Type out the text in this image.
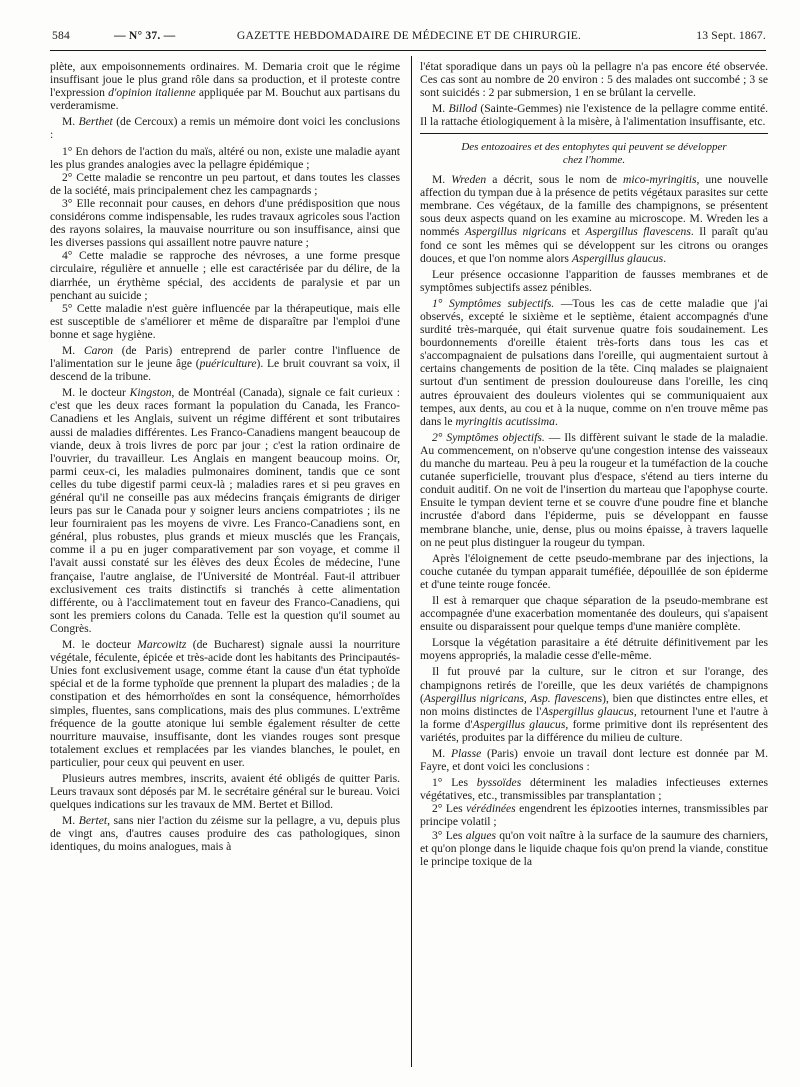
584	— N° 37. —	GAZETTE HEBDOMADAIRE DE MÉDECINE ET DE CHIRURGIE.	13 Sept. 1867.

plète, aux empoisonnements ordinaires. M. Demaria croit que le régime insuffisant joue le plus grand rôle dans sa production, et il proteste contre l'expression d'opinion italienne appliquée par M. Bouchut aux partisans du verderamisme.

M. Berthet (de Cercoux) a remis un mémoire dont voici les conclusions :

1° En dehors de l'action du maïs, altéré ou non, existe une maladie ayant les plus grandes analogies avec la pellagre épidémique ;

2° Cette maladie se rencontre un peu partout, et dans toutes les classes de la société, mais principalement chez les campagnards ;

3° Elle reconnait pour causes, en dehors d'une prédisposition que nous considérons comme indispensable, les rudes travaux agricoles sous l'action des rayons solaires, la mauvaise nourriture ou son insuffisance, ainsi que les diverses passions qui assaillent notre pauvre nature ;

4° Cette maladie se rapproche des névroses, a une forme presque circulaire, régulière et annuelle ; elle est caractérisée par du délire, de la diarrhée, un érythème spécial, des accidents de paralysie et par un penchant au suicide ;

5° Cette maladie n'est guère influencée par la thérapeutique, mais elle est susceptible de s'améliorer et même de disparaître par l'emploi d'une bonne et sage hygiène.

M. Caron (de Paris) entreprend de parler contre l'influence de l'alimentation sur le jeune âge (puériculture). Le bruit couvrant sa voix, il descend de la tribune.

M. le docteur Kingston, de Montréal (Canada), signale ce fait curieux : c'est que les deux races formant la population du Canada, les Franco-Canadiens et les Anglais, suivent un régime différent et sont tributaires aussi de maladies différentes. Les Franco-Canadiens mangent beaucoup de viande, deux à trois livres de porc par jour ; c'est la ration ordinaire de l'ouvrier, du travailleur. Les Anglais en mangent beaucoup moins. Or, parmi ceux-ci, les maladies pulmonaires dominent, tandis que ce sont celles du tube digestif parmi ceux-là ; maladies rares et si peu graves en général qu'il ne conseille pas aux médecins français émigrants de diriger leurs pas sur le Canada pour y soigner leurs anciens compatriotes ; ils ne leur fourniraient pas les moyens de vivre. Les Franco-Canadiens sont, en général, plus robustes, plus grands et mieux musclés que les Français, comme il a pu en juger comparativement par son voyage, et comme il l'avait aussi constaté sur les élèves des deux Écoles de médecine, l'une française, l'autre anglaise, de l'Université de Montréal. Faut-il attribuer exclusivement ces traits distinctifs si tranchés à cette alimentation différente, ou à l'acclimatement tout en faveur des Franco-Canadiens, qui sont les premiers colons du Canada. Telle est la question qu'il soumet au Congrès.

M. le docteur Marcowitz (de Bucharest) signale aussi la nourriture végétale, féculente, épicée et très-acide dont les habitants des Principautés-Unies font exclusivement usage, comme étant la cause d'un état typhoïde spécial et de la forme typhoïde que prennent la plupart des maladies ; de la constipation et des hémorrhoïdes en sont la conséquence, hémorrhoïdes simples, fluentes, sans complications, mais des plus communes. L'extrême fréquence de la goutte atonique lui semble également résulter de cette nourriture mauvaise, insuffisante, dont les viandes rouges sont presque totalement exclues et remplacées par les viandes blanches, le poulet, en particulier, pour ceux qui peuvent en user.

Plusieurs autres membres, inscrits, avaient été obligés de quitter Paris. Leurs travaux sont déposés par M. le secrétaire général sur le bureau. Voici quelques indications sur les travaux de MM. Bertet et Billod.

M. Bertet, sans nier l'action du zéisme sur la pellagre, a vu, depuis plus de vingt ans, d'autres causes produire des cas pathologiques, sinon identiques, du moins analogues, mais à

l'état sporadique dans un pays où la pellagre n'a pas encore été observée. Ces cas sont au nombre de 20 environ : 5 des malades ont succombé ; 3 se sont suicidés : 2 par submersion, 1 en se brûlant la cervelle.

M. Billod (Sainte-Gemmes) nie l'existence de la pellagre comme entité. Il la rattache étiologiquement à la misère, à l'alimentation insuffisante, etc.

Des entozoaires et des entophytes qui peuvent se développer
chez l'homme.

M. Wreden a décrit, sous le nom de mico-myringitis, une nouvelle affection du tympan due à la présence de petits végétaux parasites sur cette membrane. Ces végétaux, de la famille des champignons, se présentent sous deux aspects quand on les examine au microscope. M. Wreden les a nommés Aspergillus nigricans et Aspergillus flavescens. Il paraît qu'au fond ce sont les mêmes qui se développent sur les citrons ou oranges douces, et que l'on nomme alors Aspergillus glaucus.

Leur présence occasionne l'apparition de fausses membranes et de symptômes subjectifs assez pénibles.

1° Symptômes subjectifs. —Tous les cas de cette maladie que j'ai observés, excepté le sixième et le septième, étaient accompagnés d'une surdité très-marquée, qui était survenue quatre fois soudainement. Les bourdonnements d'oreille étaient très-forts dans tous les cas et s'accompagnaient de pulsations dans l'oreille, qui augmentaient surtout à certains changements de position de la tête. Cinq malades se plaignaient surtout d'un sentiment de pression douloureuse dans l'oreille, les cinq autres éprouvaient des douleurs violentes qui se communiquaient aux tempes, aux dents, au cou et à la nuque, comme on n'en trouve même pas dans le myringitis acutissima.

2° Symptômes objectifs. — Ils diffèrent suivant le stade de la maladie. Au commencement, on n'observe qu'une congestion intense des vaisseaux du manche du marteau. Peu à peu la rougeur et la tuméfaction de la couche cutanée superficielle, trouvant plus d'espace, s'étend au tiers interne du conduit auditif. On ne voit de l'insertion du marteau que l'apophyse courte. Ensuite le tympan devient terne et se couvre d'une poudre fine et blanche incrustée d'abord dans l'épiderme, puis se développant en fausse membrane blanche, unie, dense, plus ou moins épaisse, à travers laquelle on ne peut plus distinguer la rougeur du tympan.

Après l'éloignement de cette pseudo-membrane par des injections, la couche cutanée du tympan apparait tuméfiée, dépouillée de son épiderme et d'une teinte rouge foncée.

Il est à remarquer que chaque séparation de la pseudo-membrane est accompagnée d'une exacerbation momentanée des douleurs, qui s'apaisent ensuite ou disparaissent pour quelque temps d'une manière complète.

Lorsque la végétation parasitaire a été détruite définitivement par les moyens appropriés, la maladie cesse d'elle-même.

Il fut prouvé par la culture, sur le citron et sur l'orange, des champignons retirés de l'oreille, que les deux variétés de champignons (Aspergillus nigricans, Asp. flavescens), bien que distinctes entre elles, et non moins distinctes de l'Aspergillus glaucus, retournent l'une et l'autre à la forme d'Aspergillus glaucus, forme primitive dont ils représentent des variétés, produites par la différence du milieu de culture.

M. Plasse (Paris) envoie un travail dont lecture est donnée par M. Fayre, et dont voici les conclusions :

1° Les byssoïdes déterminent les maladies infectieuses externes végétatives, etc., transmissibles par transplantation ;

2° Les vérédinées engendrent les épizooties internes, transmissibles par principe volatil ;

3° Les algues qu'on voit naître à la surface de la saumure des charniers, et qu'on plonge dans le liquide chaque fois qu'on prend la viande, constitue le principe toxique de la
